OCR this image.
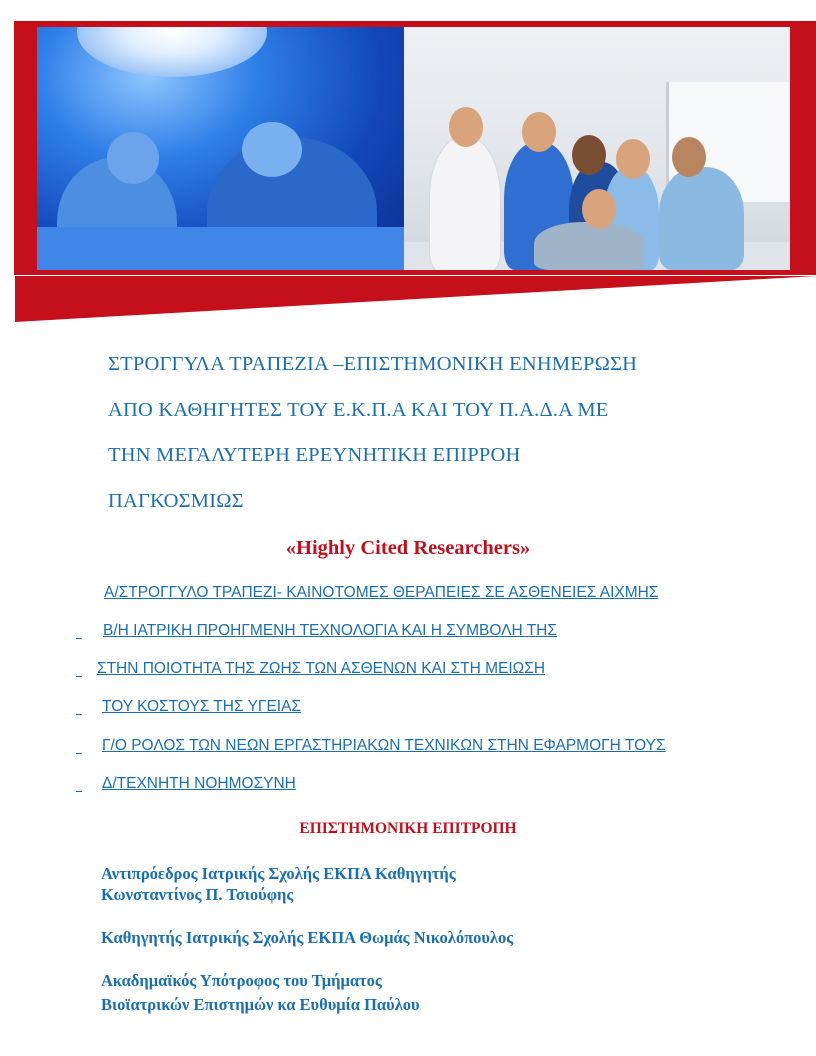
ΣΤΡΟΓΓΥΛΑ ΤΡΑΠΕΖΙΑ –ΕΠΙΣΤΗΜΟΝΙΚΗ ΕΝΗΜΕΡΩΣΗ

ΑΠΟ ΚΑΘΗΓΗΤΕΣ ΤΟΥ Ε.Κ.Π.Α ΚΑΙ ΤΟΥ Π.Α.Δ.Α ΜΕ

ΤΗΝ ΜΕΓΑΛΥΤΕΡΗ ΕΡΕΥΝΗΤΙΚΗ ΕΠΙΡΡΟΗ

ΠΑΓΚΟΣΜΙΩΣ

«Highly Cited Researchers»

Α/ΣΤΡΟΓΓΥΛΟ ΤΡΑΠΕΖΙ- ΚΑΙΝΟΤΟΜΕΣ ΘΕΡΑΠΕΙΕΣ ΣΕ ΑΣΘΕΝΕΙΕΣ ΑΙΧΜΗΣ

Β/Η ΙΑΤΡΙΚΗ ΠΡΟΗΓΜΕΝΗ ΤΕΧΝΟΛΟΓΙΑ ΚΑΙ Η ΣΥΜΒΟΛΗ ΤΗΣ

ΣΤΗΝ ΠΟΙΟΤΗΤΑ ΤΗΣ ΖΩΗΣ ΤΩΝ ΑΣΘΕΝΩΝ ΚΑΙ ΣΤΗ ΜΕΙΩΣΗ

ΤΟΥ ΚΟΣΤΟΥΣ ΤΗΣ ΥΓΕΙΑΣ

Γ/Ο ΡΟΛΟΣ ΤΩΝ ΝΕΩΝ ΕΡΓΑΣΤΗΡΙΑΚΩΝ ΤΕΧΝΙΚΩΝ ΣΤΗΝ ΕΦΑΡΜΟΓΗ ΤΟΥΣ

Δ/ΤΕΧΝΗΤΗ ΝΟΗΜΟΣΥΝΗ

ΕΠΙΣΤΗΜΟΝΙΚΗ ΕΠΙΤΡΟΠΗ

Αντιπρόεδρος Ιατρικής Σχολής ΕΚΠΑ Καθηγητής

Κωνσταντίνος Π. Τσιούφης

Καθηγητής Ιατρικής Σχολής ΕΚΠΑ Θωμάς Νικολόπουλος

Ακαδημαϊκός Υπότροφος του Τμήματος

Βιοϊατρικών Επιστημών κα Ευθυμία Παύλου
